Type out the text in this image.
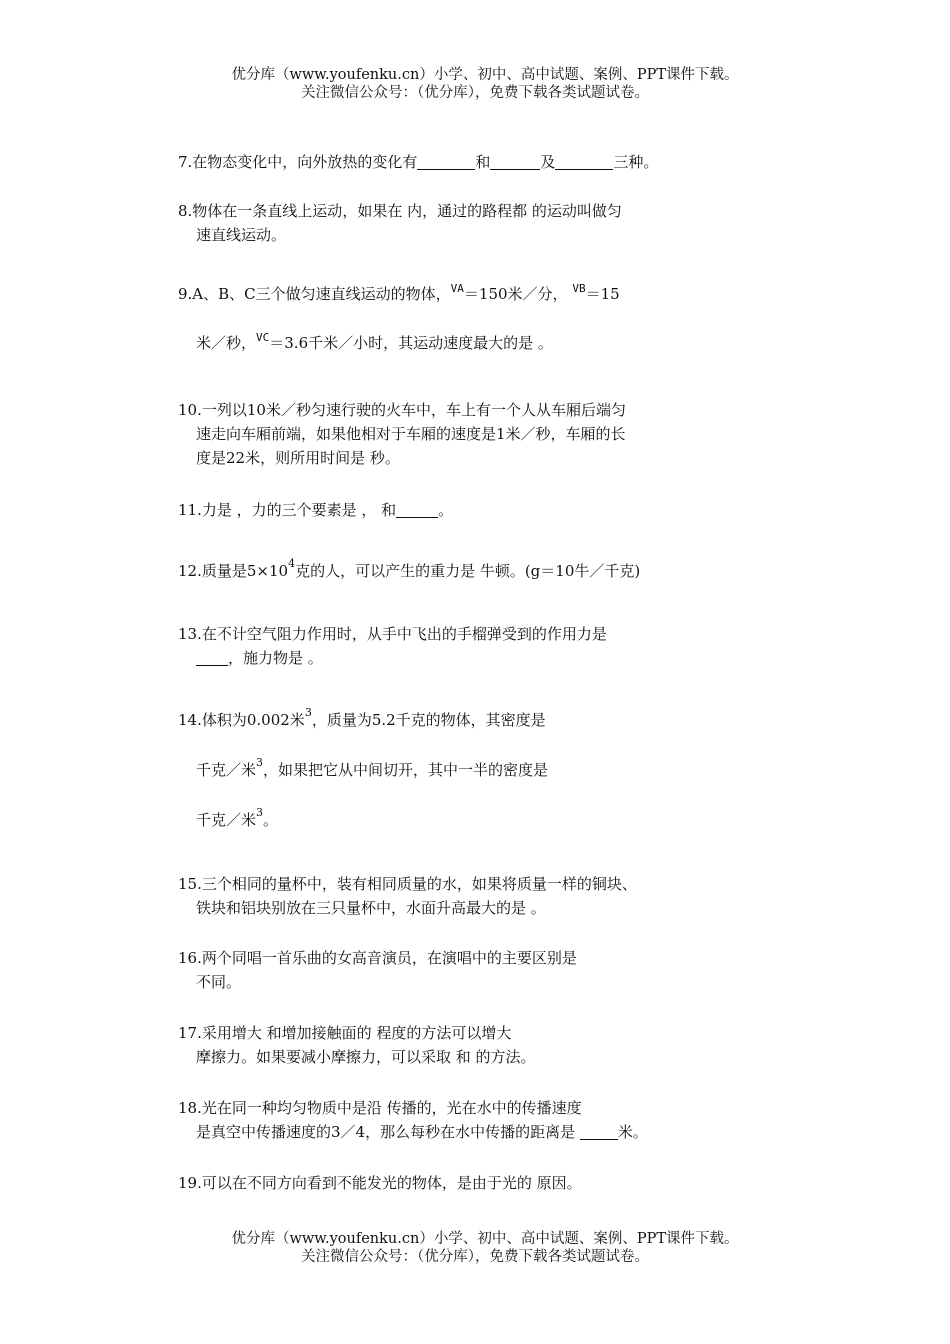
优分库（www.youfenku.cn）小学、初中、高中试题、案例、PPT课件下载。
关注微信公众号：（优分库），免费下载各类试题试卷。
7.在物态变化中，向外放热的变化有	和	及	三种。
8.物体在一条直线上运动，如果在 内，通过的路程都 的运动叫做匀
速直线运动。
9.A、B、C三个做匀速直线运动的物体，$^{VA}$＝150米／分， $^{VB}$＝15
米／秒，$^{VC}$＝3.6千米／小时，其运动速度最大的是 。
10.一列以10米／秒匀速行驶的火车中，车上有一个人从车厢后端匀
速走向车厢前端，如果他相对于车厢的速度是1米／秒，车厢的长
度是22米，则所用时间是 秒。
11.力是 ，力的三个要素是 ， 和	。
12.质量是$5\times 10^4$克的人，可以产生的重力是 牛顿。(g＝10牛／千克)
13.在不计空气阻力作用时，从手中飞出的手榴弹受到的作用力是
，施力物是 。
14.体积为0.002米$^3$，质量为5.2千克的物体，其密度是
千克／米$^3$，如果把它从中间切开，其中一半的密度是
千克／米$^3$。
15.三个相同的量杯中，装有相同质量的水，如果将质量一样的铜块、
铁块和铝块别放在三只量杯中，水面升高最大的是 。
16.两个同唱一首乐曲的女高音演员，在演唱中的主要区别是
不同。
17.采用增大 和增加接触面的 程度的方法可以增大
摩擦力。如果要减小摩擦力，可以采取 和 的方法。
18.光在同一种均匀物质中是沿 传播的，光在水中的传播速度
是真空中传播速度的3／4，那么每秒在水中传播的距离是	米。
19.可以在不同方向看到不能发光的物体，是由于光的 原因。
优分库（www.youfenku.cn）小学、初中、高中试题、案例、PPT课件下载。
关注微信公众号：（优分库），免费下载各类试题试卷。
